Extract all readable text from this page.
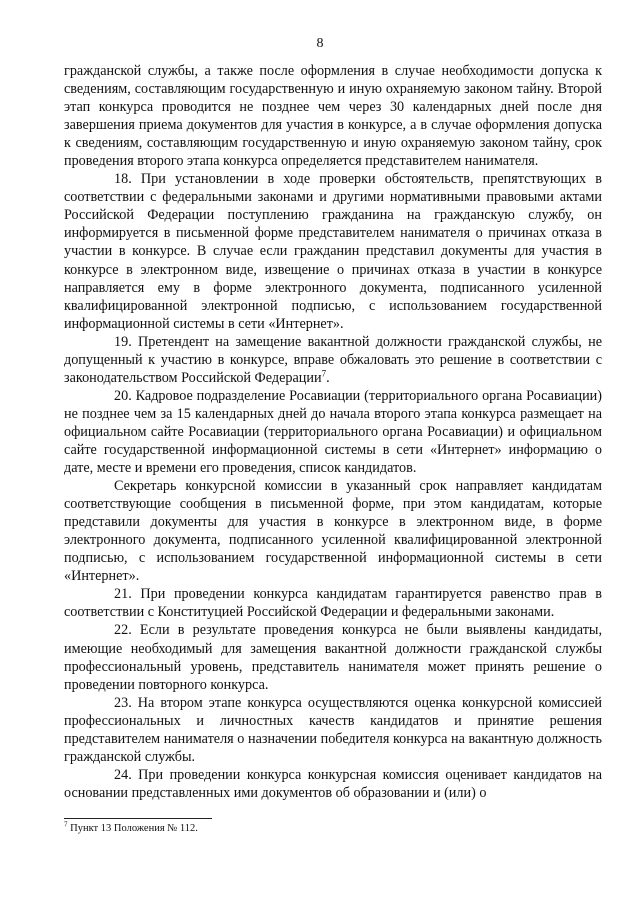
8

гражданской службы, а также после оформления в случае необходимости допуска к сведениям, составляющим государственную и иную охраняемую законом тайну. Второй этап конкурса проводится не позднее чем через 30 календарных дней после дня завершения приема документов для участия в конкурсе, а в случае оформления допуска к сведениям, составляющим государственную и иную охраняемую законом тайну, срок проведения второго этапа конкурса определяется представителем нанимателя.

18. При установлении в ходе проверки обстоятельств, препятствующих в соответствии с федеральными законами и другими нормативными правовыми актами Российской Федерации поступлению гражданина на гражданскую службу, он информируется в письменной форме представителем нанимателя о причинах отказа в участии в конкурсе. В случае если гражданин представил документы для участия в конкурсе в электронном виде, извещение о причинах отказа в участии в конкурсе направляется ему в форме электронного документа, подписанного усиленной квалифицированной электронной подписью, с использованием государственной информационной системы в сети «Интернет».

19. Претендент на замещение вакантной должности гражданской службы, не допущенный к участию в конкурсе, вправе обжаловать это решение в соответствии с законодательством Российской Федерации$^7$.

20. Кадровое подразделение Росавиации (территориального органа Росавиации) не позднее чем за 15 календарных дней до начала второго этапа конкурса размещает на официальном сайте Росавиации (территориального органа Росавиации) и официальном сайте государственной информационной системы в сети «Интернет» информацию о дате, месте и времени его проведения, список кандидатов.

Секретарь конкурсной комиссии в указанный срок направляет кандидатам соответствующие сообщения в письменной форме, при этом кандидатам, которые представили документы для участия в конкурсе в электронном виде, в форме электронного документа, подписанного усиленной квалифицированной электронной подписью, с использованием государственной информационной системы в сети «Интернет».

21. При проведении конкурса кандидатам гарантируется равенство прав в соответствии с Конституцией Российской Федерации и федеральными законами.

22. Если в результате проведения конкурса не были выявлены кандидаты, имеющие необходимый для замещения вакантной должности гражданской службы профессиональный уровень, представитель нанимателя может принять решение о проведении повторного конкурса.

23. На втором этапе конкурса осуществляются оценка конкурсной комиссией профессиональных и личностных качеств кандидатов и принятие решения представителем нанимателя о назначении победителя конкурса на вакантную должность гражданской службы.

24. При проведении конкурса конкурсная комиссия оценивает кандидатов на основании представленных ими документов об образовании и (или) о

$^7$ Пункт 13 Положения № 112.
